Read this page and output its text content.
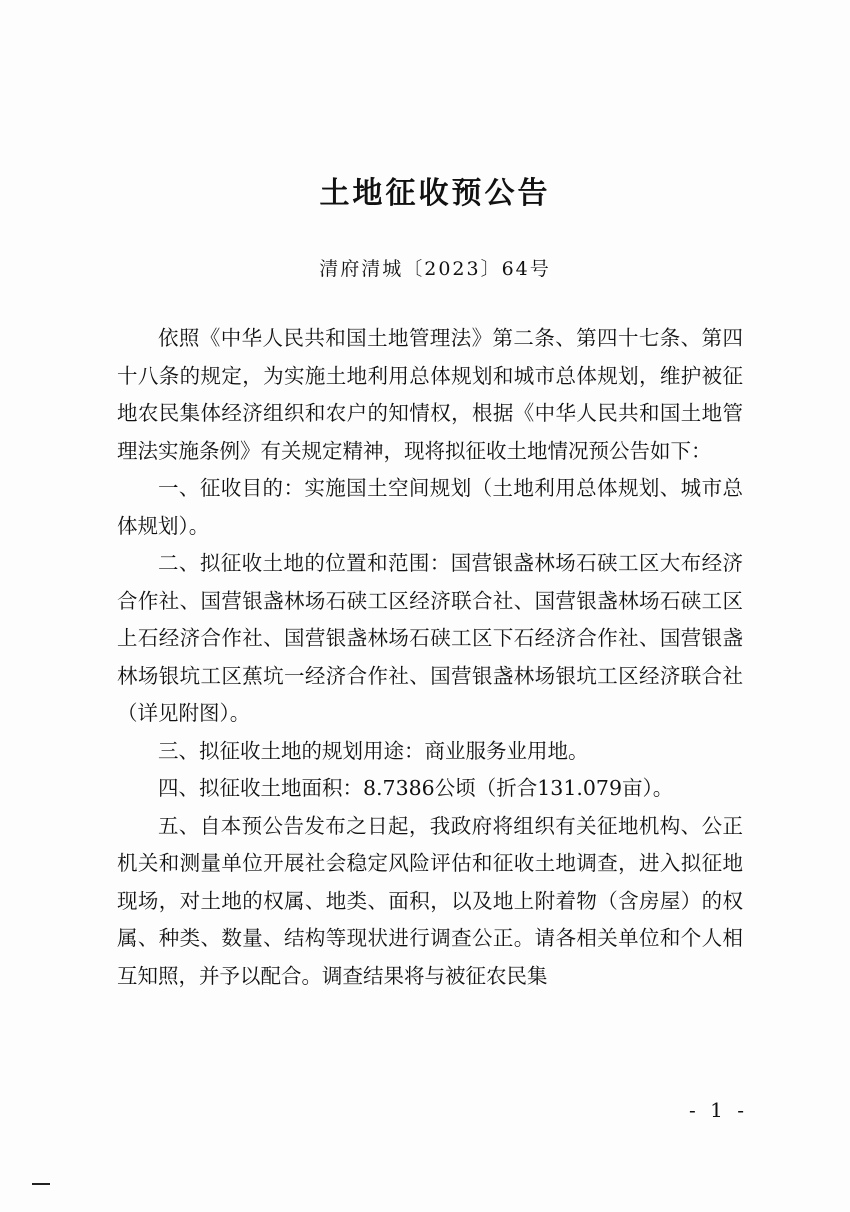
土地征收预公告
清府清城〔2023〕64号

依照《中华人民共和国土地管理法》第二条、第四十七条、第四十八条的规定，为实施土地利用总体规划和城市总体规划，维护被征地农民集体经济组织和农户的知情权，根据《中华人民共和国土地管理法实施条例》有关规定精神，现将拟征收土地情况预公告如下：

一、征收目的：实施国土空间规划（土地利用总体规划、城市总体规划）。

二、拟征收土地的位置和范围：国营银盏林场石硖工区大布经济合作社、国营银盏林场石硖工区经济联合社、国营银盏林场石硖工区上石经济合作社、国营银盏林场石硖工区下石经济合作社、国营银盏林场银坑工区蕉坑一经济合作社、国营银盏林场银坑工区经济联合社（详见附图）。

三、拟征收土地的规划用途：商业服务业用地。

四、拟征收土地面积：8.7386公顷（折合131.079亩）。

五、自本预公告发布之日起，我政府将组织有关征地机构、公正机关和测量单位开展社会稳定风险评估和征收土地调查，进入拟征地现场，对土地的权属、地类、面积，以及地上附着物（含房屋）的权属、种类、数量、结构等现状进行调查公正。请各相关单位和个人相互知照，并予以配合。调查结果将与被征农民集

- 1 -
